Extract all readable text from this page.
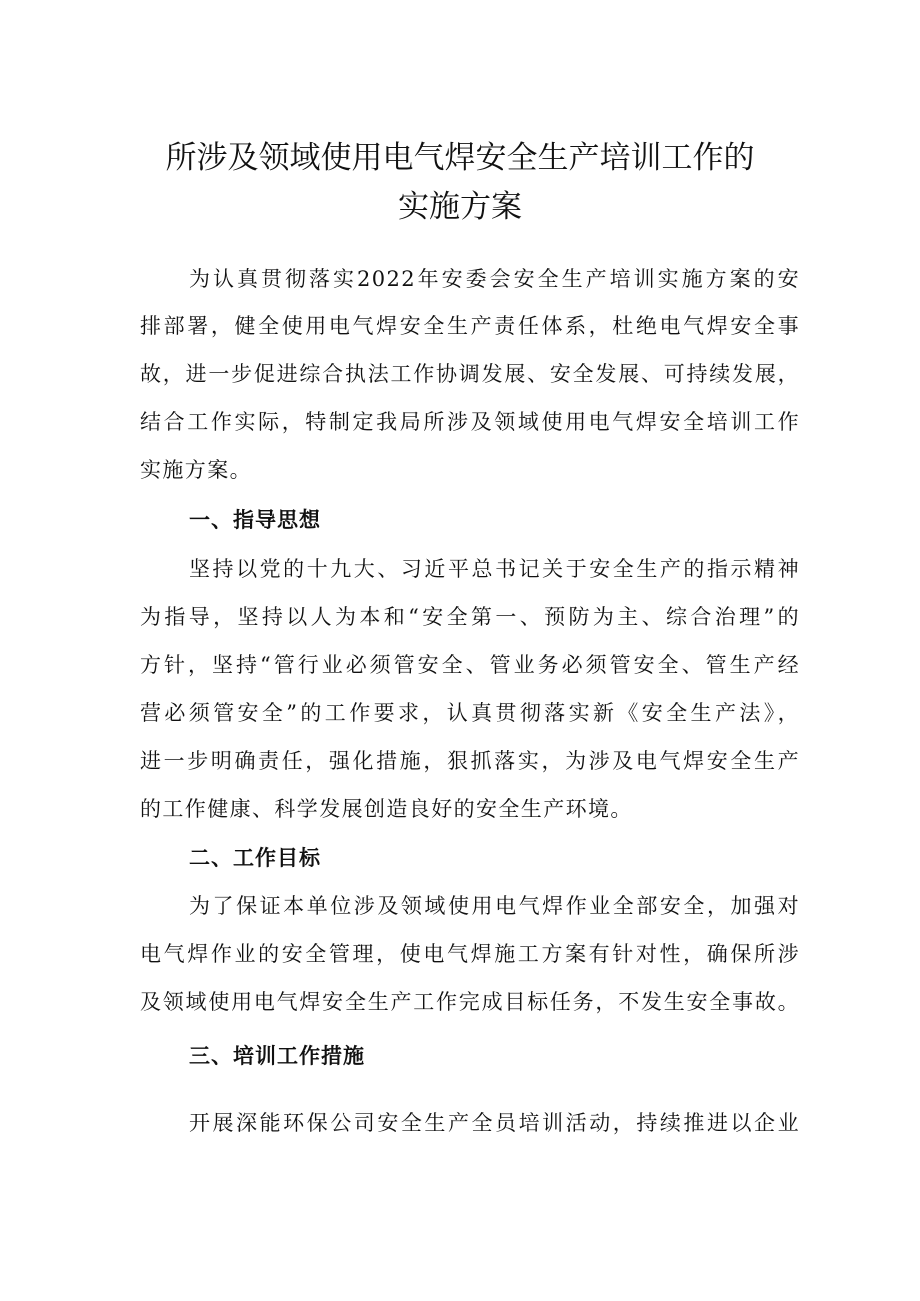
所涉及领域使用电气焊安全生产培训工作的
实施方案
为认真贯彻落实2022年安委会安全生产培训实施方案的安
排部署，健全使用电气焊安全生产责任体系，杜绝电气焊安全事
故，进一步促进综合执法工作协调发展、安全发展、可持续发展，
结合工作实际，特制定我局所涉及领域使用电气焊安全培训工作
实施方案。
一、指导思想
坚持以党的十九大、习近平总书记关于安全生产的指示精神
为指导，坚持以人为本和“安全第一、预防为主、综合治理”的
方针，坚持“管行业必须管安全、管业务必须管安全、管生产经
营必须管安全”的工作要求，认真贯彻落实新《安全生产法》，
进一步明确责任，强化措施，狠抓落实，为涉及电气焊安全生产
的工作健康、科学发展创造良好的安全生产环境。
二、工作目标
为了保证本单位涉及领域使用电气焊作业全部安全，加强对
电气焊作业的安全管理，使电气焊施工方案有针对性，确保所涉
及领域使用电气焊安全生产工作完成目标任务，不发生安全事故。
三、培训工作措施
开展深能环保公司安全生产全员培训活动，持续推进以企业
